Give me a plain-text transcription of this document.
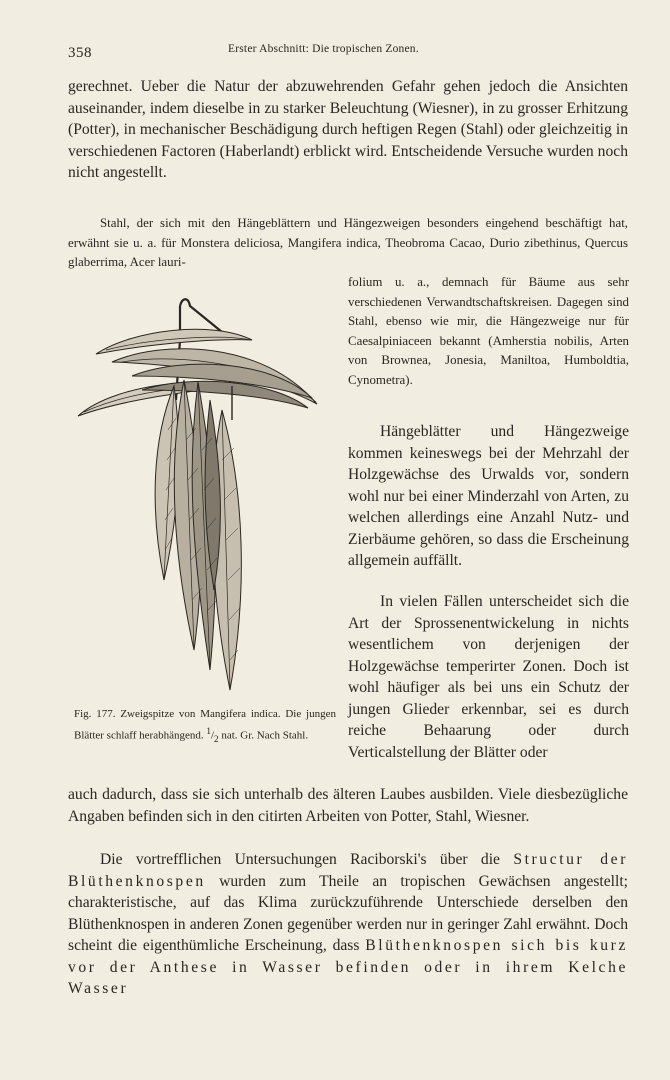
358	Erster Abschnitt: Die tropischen Zonen.

gerechnet. Ueber die Natur der abzuwehrenden Gefahr gehen jedoch die Ansichten auseinander, indem dieselbe in zu starker Beleuchtung (Wiesner), in zu grosser Erhitzung (Potter), in mechanischer Beschädigung durch heftigen Regen (Stahl) oder gleichzeitig in verschiedenen Factoren (Haberlandt) erblickt wird. Entscheidende Versuche wurden noch nicht angestellt.

Stahl, der sich mit den Hängeblättern und Hängezweigen besonders eingehend beschäftigt hat, erwähnt sie u. a. für Monstera deliciosa, Mangifera indica, Theobroma Cacao, Durio zibethinus, Quercus glaberrima, Acer lauri-

folium u. a., demnach für Bäume aus sehr verschiedenen Verwandtschaftskreisen. Dagegen sind Stahl, ebenso wie mir, die Hängezweige nur für Caesalpiniaceen bekannt (Amherstia nobilis, Arten von Brownea, Jonesia, Maniltoa, Humboldtia, Cynometra).

Hängeblätter und Hängezweige kommen keineswegs bei der Mehrzahl der Holzgewächse des Urwalds vor, sondern wohl nur bei einer Minderzahl von Arten, zu welchen allerdings eine Anzahl Nutz- und Zierbäume gehören, so dass die Erscheinung allgemein auffällt.

In vielen Fällen unterscheidet sich die Art der Sprossenentwickelung in nichts wesentlichem von derjenigen der Holzgewächse temperirter Zonen. Doch ist wohl häufiger als bei uns ein Schutz der jungen Glieder erkennbar, sei es durch reiche Behaarung oder durch Verticalstellung der Blätter oder

Fig. 177. Zweigspitze von Mangifera indica. Die jungen Blätter schlaff herabhängend. $^1/_2$ nat. Gr. Nach Stahl.

auch dadurch, dass sie sich unterhalb des älteren Laubes ausbilden. Viele diesbezügliche Angaben befinden sich in den citirten Arbeiten von Potter, Stahl, Wiesner.

Die vortrefflichen Untersuchungen Raciborski's über die Structur der Blüthenknospen wurden zum Theile an tropischen Gewächsen angestellt; charakteristische, auf das Klima zurückzuführende Unterschiede derselben den Blüthenknospen in anderen Zonen gegenüber werden nur in geringer Zahl erwähnt. Doch scheint die eigenthümliche Erscheinung, dass Blüthenknospen sich bis kurz vor der Anthese in Wasser befinden oder in ihrem Kelche Wasser
